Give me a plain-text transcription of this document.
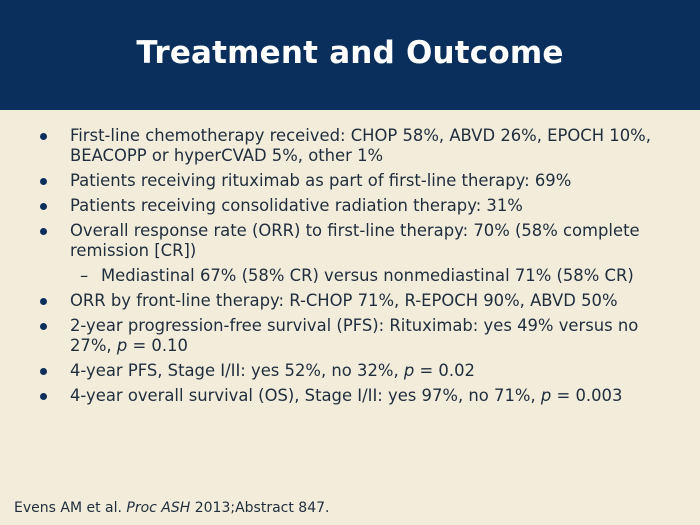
Treatment and Outcome
First-line chemotherapy received: CHOP 58%, ABVD 26%, EPOCH 10%, BEACOPP or hyperCVAD 5%, other 1%
Patients receiving rituximab as part of first-line therapy: 69%
Patients receiving consolidative radiation therapy: 31%
Overall response rate (ORR) to first-line therapy: 70% (58% complete remission [CR])
– Mediastinal 67% (58% CR) versus nonmediastinal 71% (58% CR)
ORR by front-line therapy: R-CHOP 71%, R-EPOCH 90%, ABVD 50%
2-year progression-free survival (PFS): Rituximab: yes 49% versus no 27%, p = 0.10
4-year PFS, Stage I/II: yes 52%, no 32%, p = 0.02
4-year overall survival (OS), Stage I/II: yes 97%, no 71%, p = 0.003
Evens AM et al. Proc ASH 2013;Abstract 847.
